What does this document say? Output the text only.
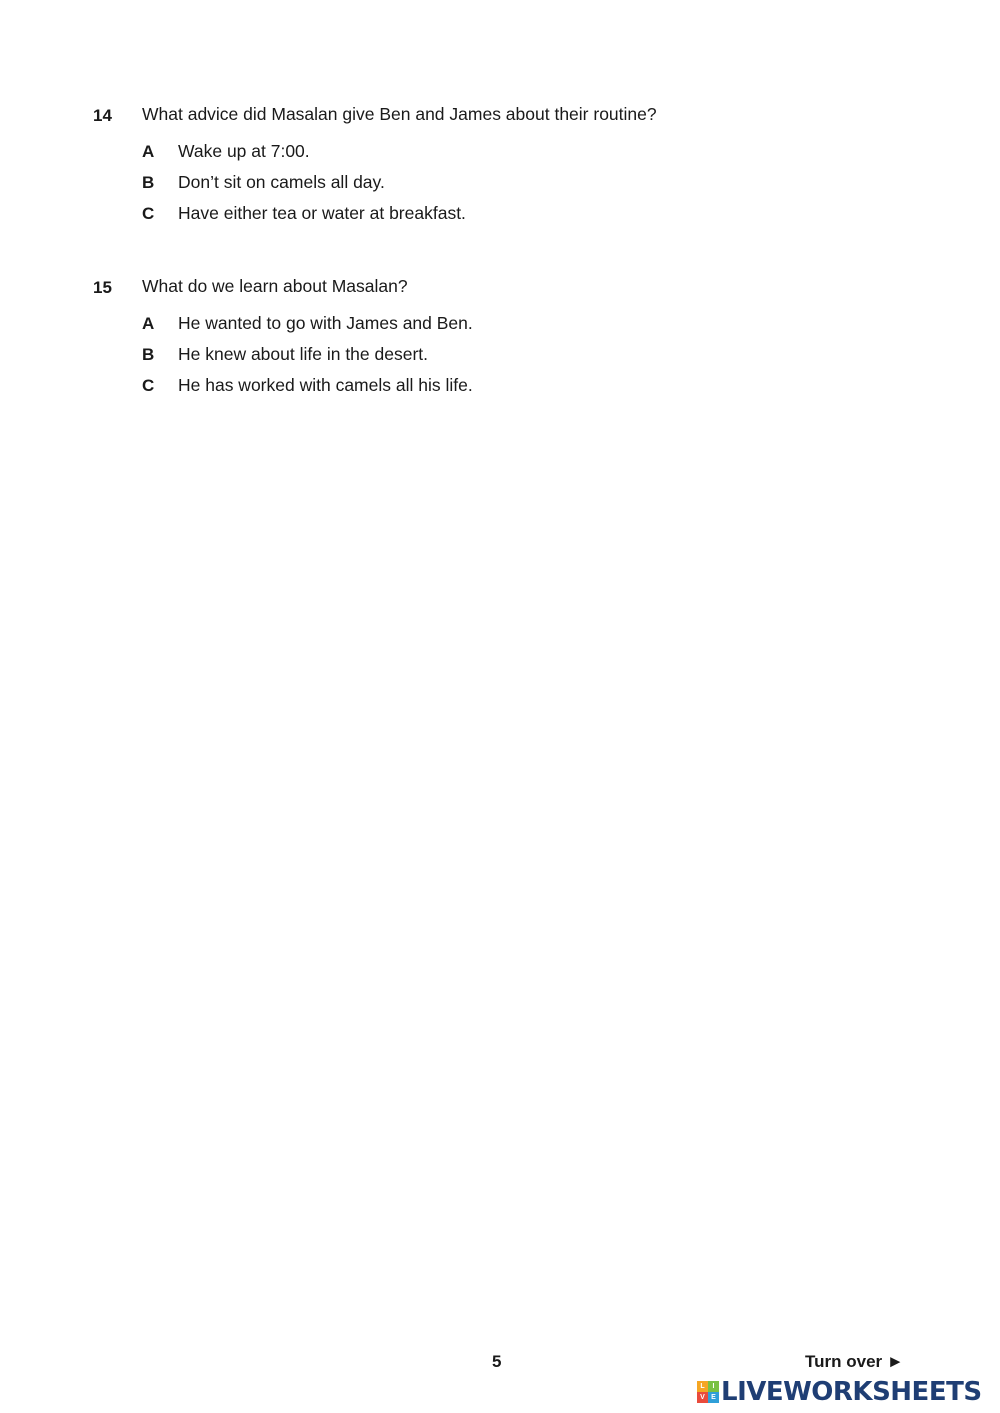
14 What advice did Masalan give Ben and James about their routine?
A Wake up at 7:00.
B Don’t sit on camels all day.
C Have either tea or water at breakfast.
15 What do we learn about Masalan?
A He wanted to go with James and Ben.
B He knew about life in the desert.
C He has worked with camels all his life.
5	Turn over ►
L	I
V E LIVEWORKSHEETS
